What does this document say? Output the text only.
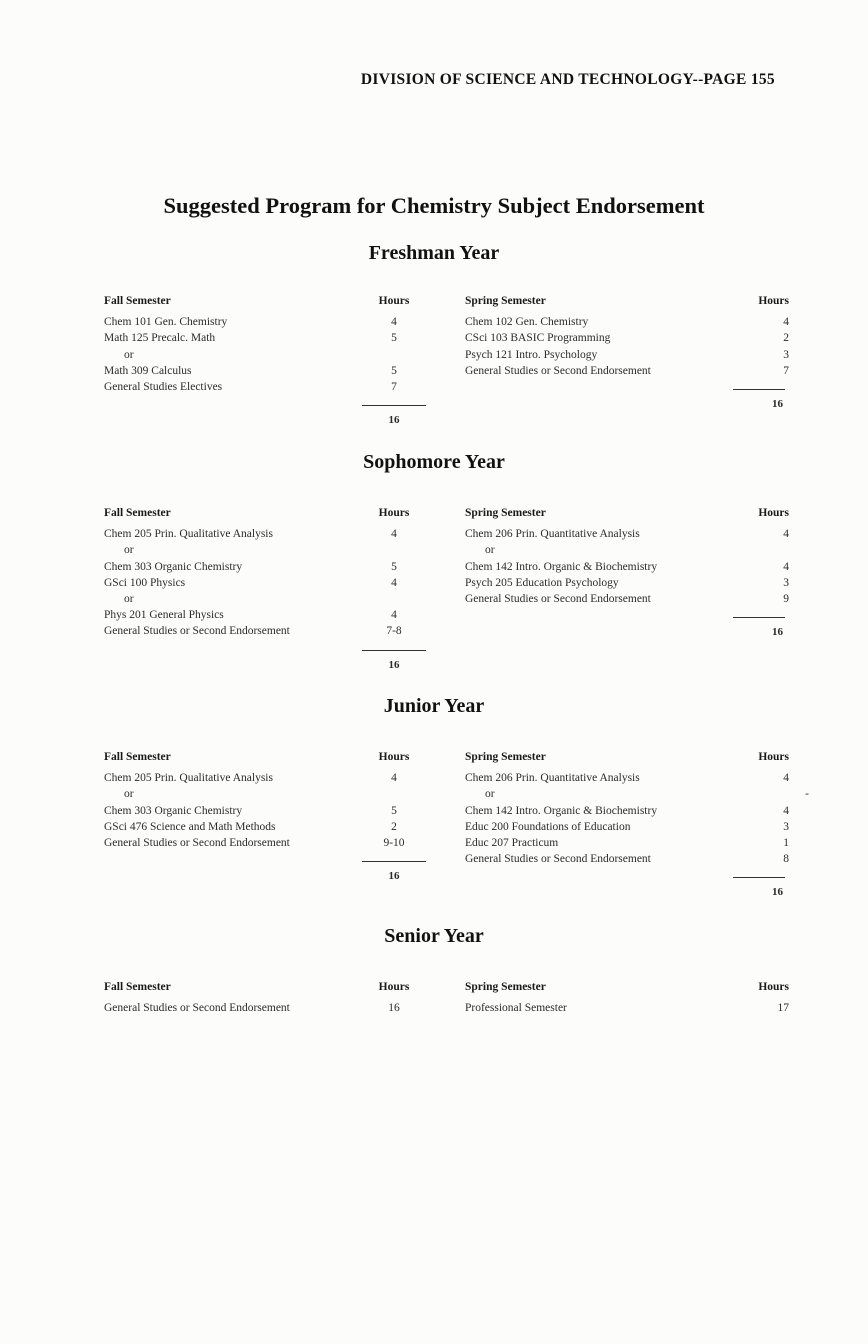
DIVISION OF SCIENCE AND TECHNOLOGY--PAGE 155
Suggested Program for Chemistry Subject Endorsement
Freshman Year
Fall Semester	Hours
Chem 101 Gen. Chemistry	4
Math 125 Precalc. Math	5
or
Math 309 Calculus	5
General Studies Electives	7
16
Spring Semester	Hours
Chem 102 Gen. Chemistry	4
CSci 103 BASIC Programming	2
Psych 121 Intro. Psychology	3
General Studies or Second Endorsement	7
16
Sophomore Year
Fall Semester	Hours
Chem 205 Prin. Qualitative Analysis	4
or
Chem 303 Organic Chemistry	5
GSci 100 Physics	4
or
Phys 201 General Physics	4
General Studies or Second Endorsement	7-8
16
Spring Semester	Hours
Chem 206 Prin. Quantitative Analysis	4
or
Chem 142 Intro. Organic & Biochemistry	4
Psych 205 Education Psychology	3
General Studies or Second Endorsement	9
16
Junior Year
Fall Semester	Hours
Chem 205 Prin. Qualitative Analysis	4
or
Chem 303 Organic Chemistry	5
GSci 476 Science and Math Methods	2
General Studies or Second Endorsement	9-10
16
Spring Semester	Hours
Chem 206 Prin. Quantitative Analysis	4
or	-
Chem 142 Intro. Organic & Biochemistry	4
Educ 200 Foundations of Education	3
Educ 207 Practicum	1
General Studies or Second Endorsement	8
16
Senior Year
Fall Semester	Hours
General Studies or Second Endorsement	16
Spring Semester	Hours
Professional Semester	17
